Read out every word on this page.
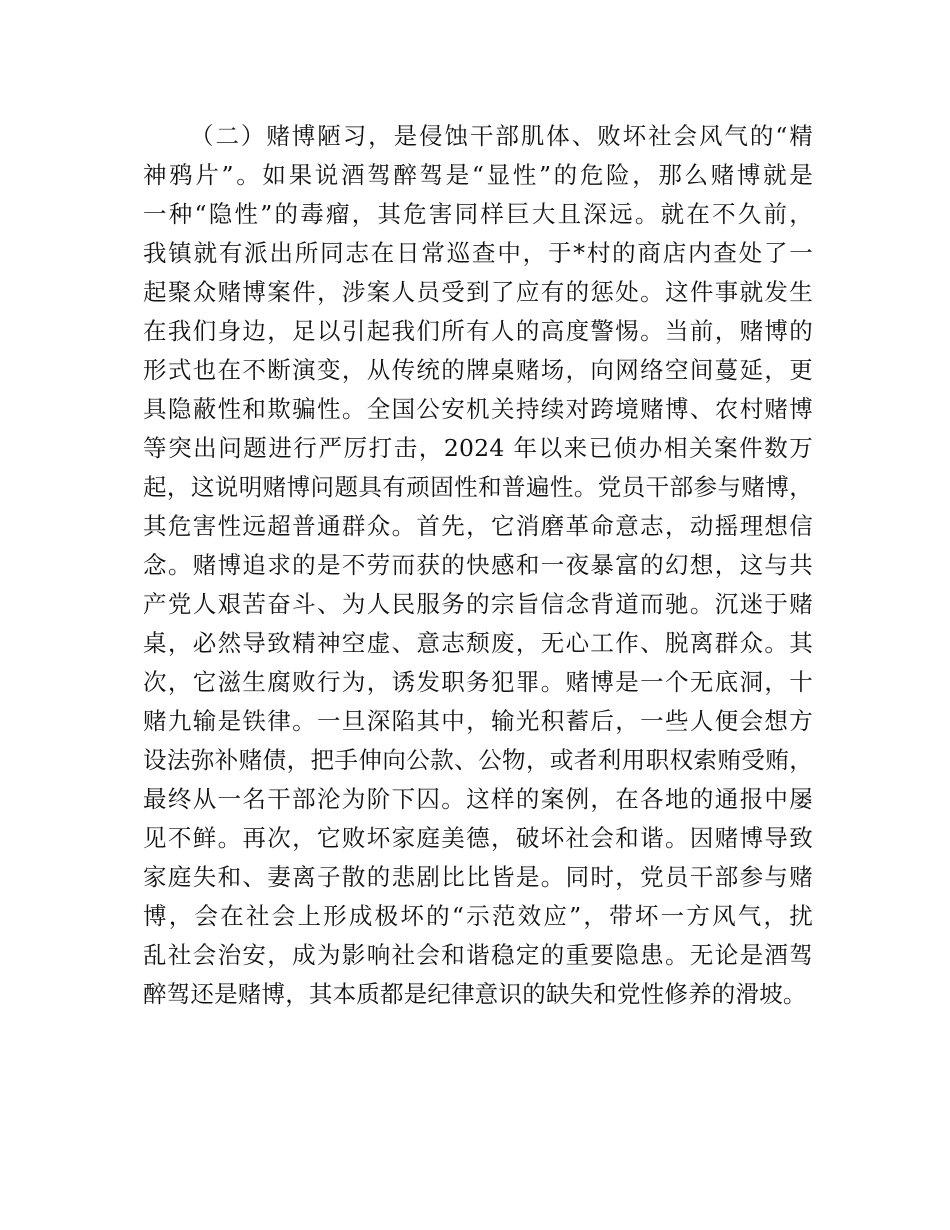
（二）赌博陋习，是侵蚀干部肌体、败坏社会风气的“精
神鸦片”。如果说酒驾醉驾是“显性”的危险，那么赌博就是
一种“隐性”的毒瘤，其危害同样巨大且深远。就在不久前，
我镇就有派出所同志在日常巡查中，于*村的商店内查处了一
起聚众赌博案件，涉案人员受到了应有的惩处。这件事就发生
在我们身边，足以引起我们所有人的高度警惕。当前，赌博的
形式也在不断演变，从传统的牌桌赌场，向网络空间蔓延，更
具隐蔽性和欺骗性。全国公安机关持续对跨境赌博、农村赌博
等突出问题进行严厉打击，2024 年以来已侦办相关案件数万
起，这说明赌博问题具有顽固性和普遍性。党员干部参与赌博，
其危害性远超普通群众。首先，它消磨革命意志，动摇理想信
念。赌博追求的是不劳而获的快感和一夜暴富的幻想，这与共
产党人艰苦奋斗、为人民服务的宗旨信念背道而驰。沉迷于赌
桌，必然导致精神空虚、意志颓废，无心工作、脱离群众。其
次，它滋生腐败行为，诱发职务犯罪。赌博是一个无底洞，十
赌九输是铁律。一旦深陷其中，输光积蓄后，一些人便会想方
设法弥补赌债，把手伸向公款、公物，或者利用职权索贿受贿，
最终从一名干部沦为阶下囚。这样的案例，在各地的通报中屡
见不鲜。再次，它败坏家庭美德，破坏社会和谐。因赌博导致
家庭失和、妻离子散的悲剧比比皆是。同时，党员干部参与赌
博，会在社会上形成极坏的“示范效应”，带坏一方风气，扰
乱社会治安，成为影响社会和谐稳定的重要隐患。无论是酒驾
醉驾还是赌博，其本质都是纪律意识的缺失和党性修养的滑坡。
